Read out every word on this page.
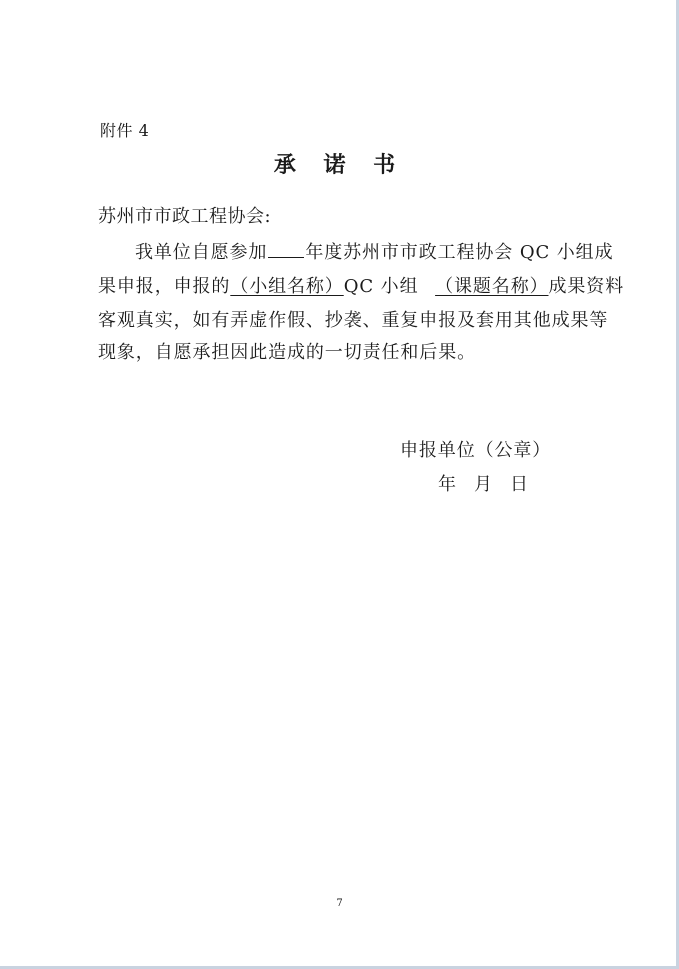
附件 4
承 诺 书
苏州市市政工程协会:
我单位自愿参加 年度苏州市市政工程协会 QC 小组成
果申报，申报的（小组名称）QC 小组 （课题名称）成果资料
客观真实，如有弄虚作假、抄袭、重复申报及套用其他成果等
现象，自愿承担因此造成的一切责任和后果。
申报单位（公章）
年 月 日
7
